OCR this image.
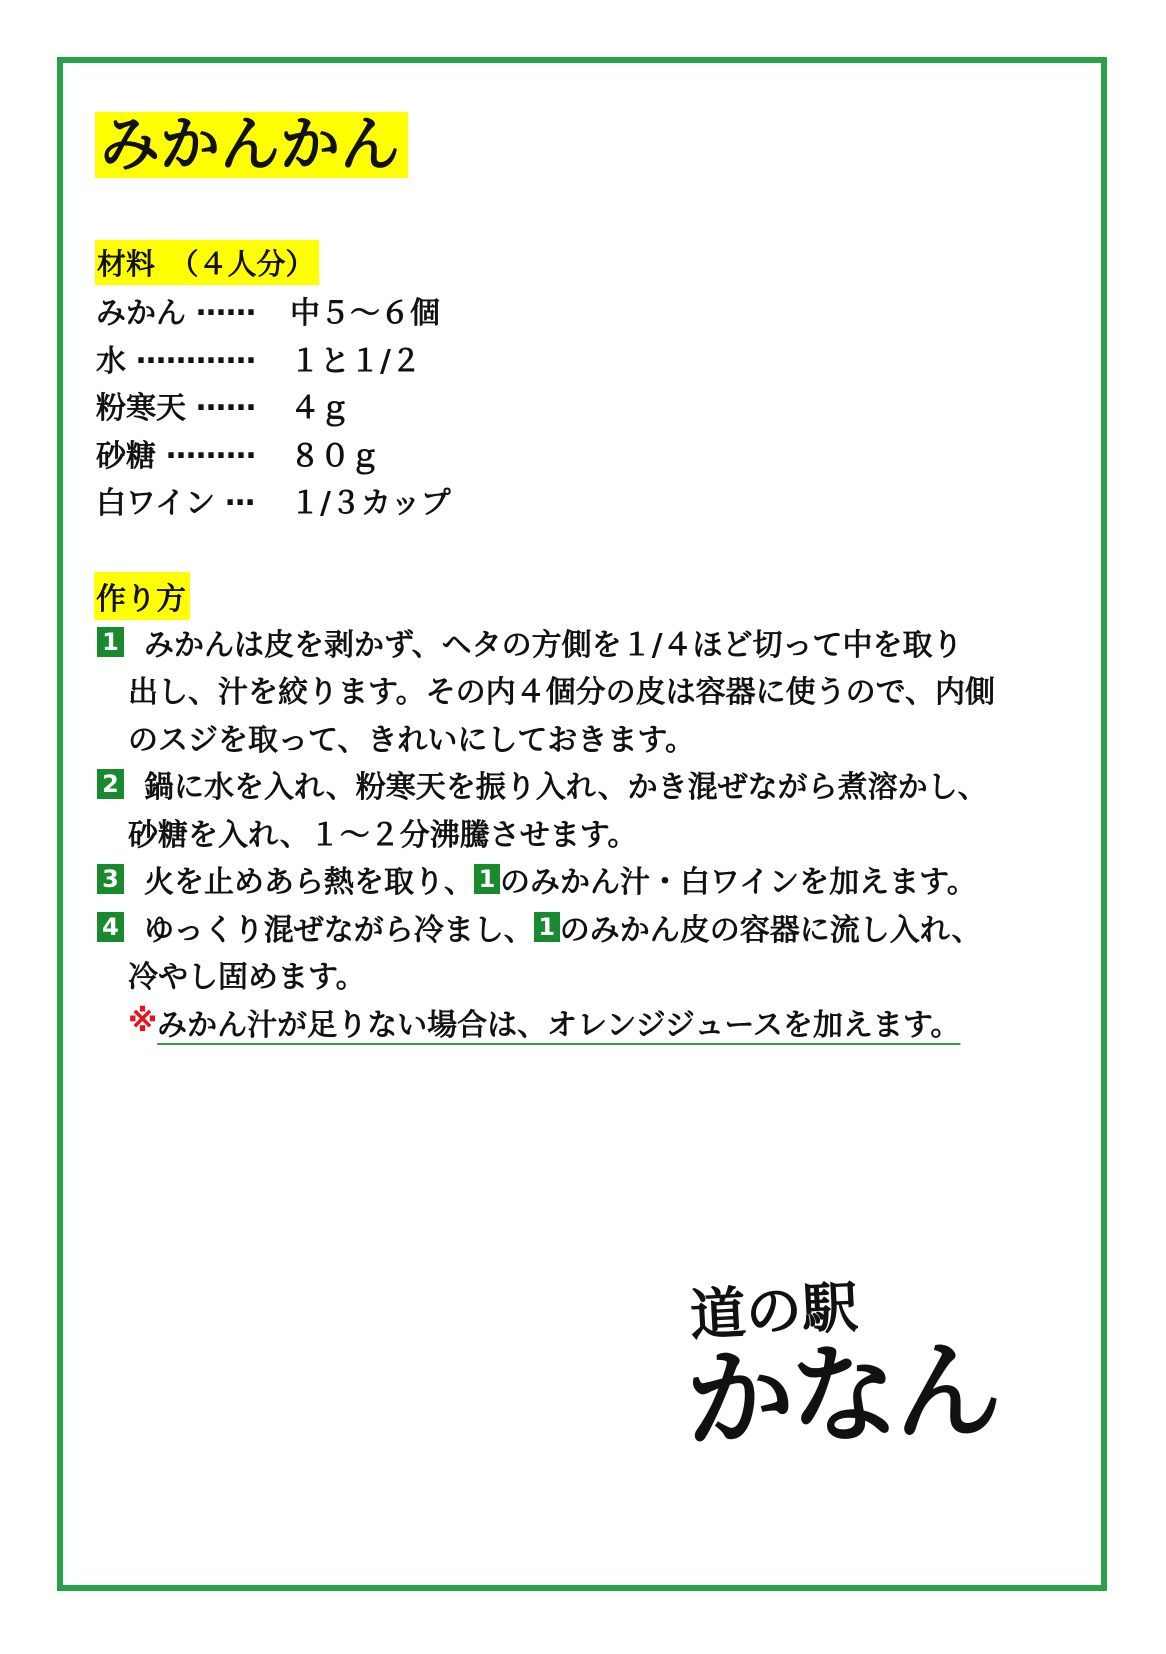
みかんかん
材料　（４人分）
みかん …… 中５～６個
水 ………… １と１/２
粉寒天 …… ４ｇ
砂糖 ……… ８０ｇ
白ワイン … １/３カップ
作り方
1 みかんは皮を剥かず、ヘタの方側を１/４ほど切って中を取り
出し、汁を絞ります。その内４個分の皮は容器に使うので、内側
のスジを取って、きれいにしておきます。
2 鍋に水を入れ、粉寒天を振り入れ、かき混ぜながら煮溶かし、
砂糖を入れ、１～２分沸騰させます。
3 火を止めあら熱を取り、 1 のみかん汁・白ワインを加えます。
4 ゆっくり混ぜながら冷まし、 1 のみかん皮の容器に流し入れ、
冷やし固めます。
※ みかん汁が足りない場合は、オレンジジュースを加えます。
道の駅
かなん
